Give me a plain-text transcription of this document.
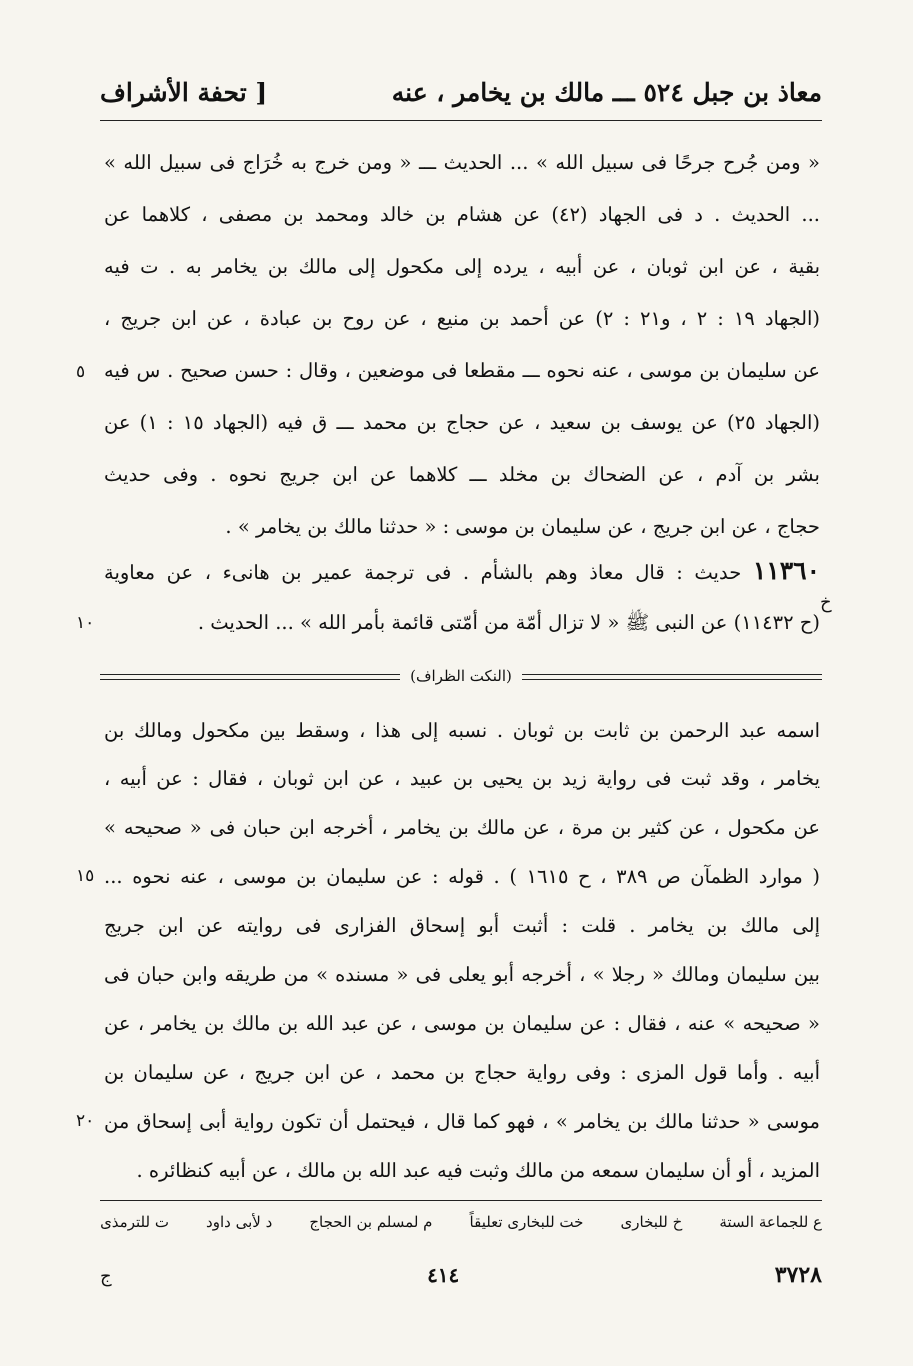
معاذ بن جبل ٥٢٤ ـــ مالك بن يخامر ، عنه
[ تحفة الأشراف
« ومن جُرح جرحًا فى سبيل الله » ... الحديث ـــ « ومن خرج به خُرَاج فى سبيل الله »
... الحديث . د فى الجهاد (٤٢) عن هشام بن خالد ومحمد بن مصفى ، كلاهما عن
بقية ، عن ابن ثوبان ، عن أبيه ، يرده إلى مكحول إلى مالك بن يخامر به . ت فيه
(الجهاد ١٩ : ٢ ، و٢١ : ٢) عن أحمد بن منيع ، عن روح بن عبادة ، عن ابن جريج ،
عن سليمان بن موسى ، عنه نحوه ـــ مقطعا فى موضعين ، وقال : حسن صحيح . س فيه
(الجهاد ٢٥) عن يوسف بن سعيد ، عن حجاج بن محمد ـــ ق فيه (الجهاد ١٥ : ١) عن
بشر بن آدم ، عن الضحاك بن مخلد ـــ كلاهما عن ابن جريج نحوه . وفى حديث
حجاج ، عن ابن جريج ، عن سليمان بن موسى : « حدثنا مالك بن يخامر » .
٥
١١٣٦٠ حديث : قال معاذ وهم بالشأم . فى ترجمة عمير بن هانىء ، عن معاوية
(ح ١١٤٣٢) عن النبى ﷺ « لا تزال أمّة من أمّتى قائمة بأمر الله » ... الحديث .
خ
١٠
(النكت الظراف)
اسمه عبد الرحمن بن ثابت بن ثوبان . نسبه إلى هذا ، وسقط بين مكحول ومالك بن
يخامر ، وقد ثبت فى رواية زيد بن يحيى بن عبيد ، عن ابن ثوبان ، فقال : عن أبيه ،
عن مكحول ، عن كثير بن مرة ، عن مالك بن يخامر ، أخرجه ابن حبان فى « صحيحه »
( موارد الظمآن ص ٣٨٩ ، ح ١٦١٥ ) . قوله : عن سليمان بن موسى ، عنه نحوه ...
إلى مالك بن يخامر . قلت : أثبت أبو إسحاق الفزارى فى روايته عن ابن جريج
بين سليمان ومالك « رجلا » ، أخرجه أبو يعلى فى « مسنده » من طريقه وابن حبان فى
« صحيحه » عنه ، فقال : عن سليمان بن موسى ، عن عبد الله بن مالك بن يخامر ، عن
أبيه . وأما قول المزى : وفى رواية حجاج بن محمد ، عن ابن جريج ، عن سليمان بن
موسى « حدثنا مالك بن يخامر » ، فهو كما قال ، فيحتمل أن تكون رواية أبى إسحاق من
المزيد ، أو أن سليمان سمعه من مالك وثبت فيه عبد الله بن مالك ، عن أبيه كنظائره .
١٥
٢٠
ع للجماعة الستة
خ للبخارى
خت للبخارى تعليقاً
م لمسلم بن الحجاج
د لأبى داود
ت للترمذى
٣٧٢٨
٤١٤
ج
